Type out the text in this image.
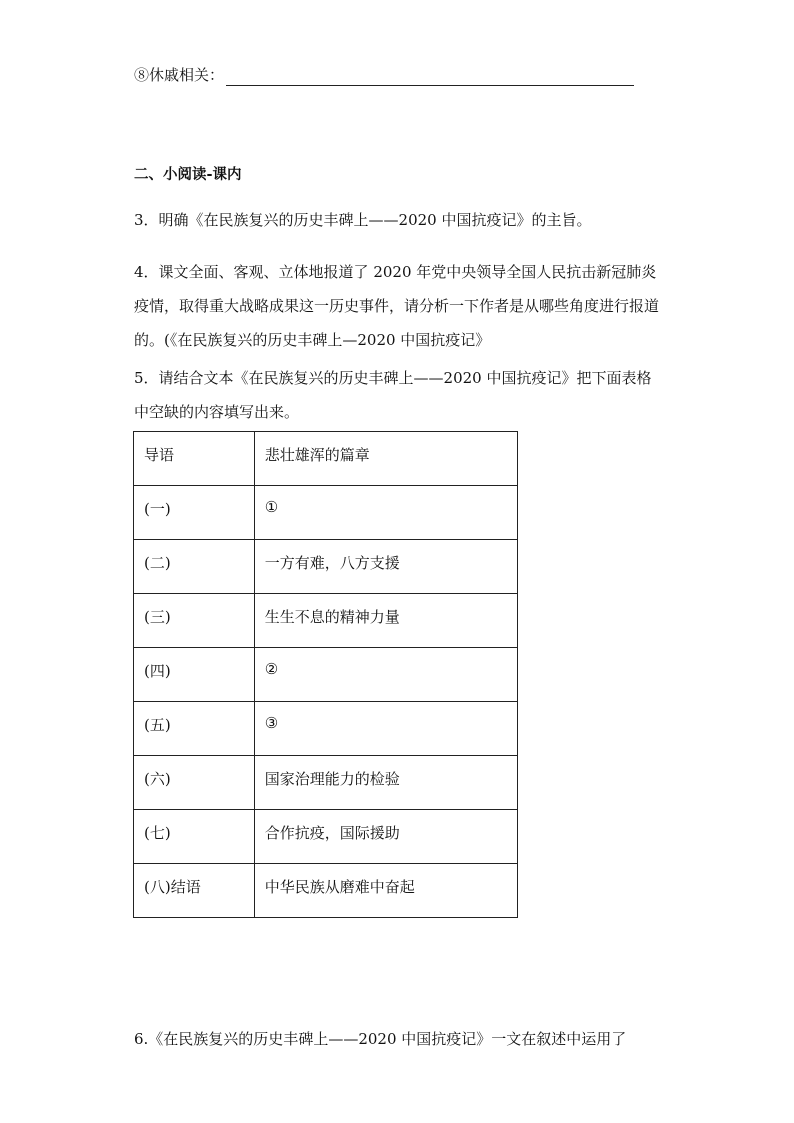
⑧休戚相关：
二、小阅读-课内
3．明确《在民族复兴的历史丰碑上——2020 中国抗疫记》的主旨。
4．课文全面、客观、立体地报道了 2020 年党中央领导全国人民抗击新冠肺炎疫情，取得重大战略成果这一历史事件，请分析一下作者是从哪些角度进行报道的。(《在民族复兴的历史丰碑上—2020 中国抗疫记》
5．请结合文本《在民族复兴的历史丰碑上——2020 中国抗疫记》把下面表格中空缺的内容填写出来。
导语	悲壮雄浑的篇章
(一)	①
(二)	一方有难，八方支援
(三)	生生不息的精神力量
(四)	②
(五)	③
(六)	国家治理能力的检验
(七)	合作抗疫，国际援助
(八)结语	中华民族从磨难中奋起
6.《在民族复兴的历史丰碑上——2020 中国抗疫记》一文在叙述中运用了
